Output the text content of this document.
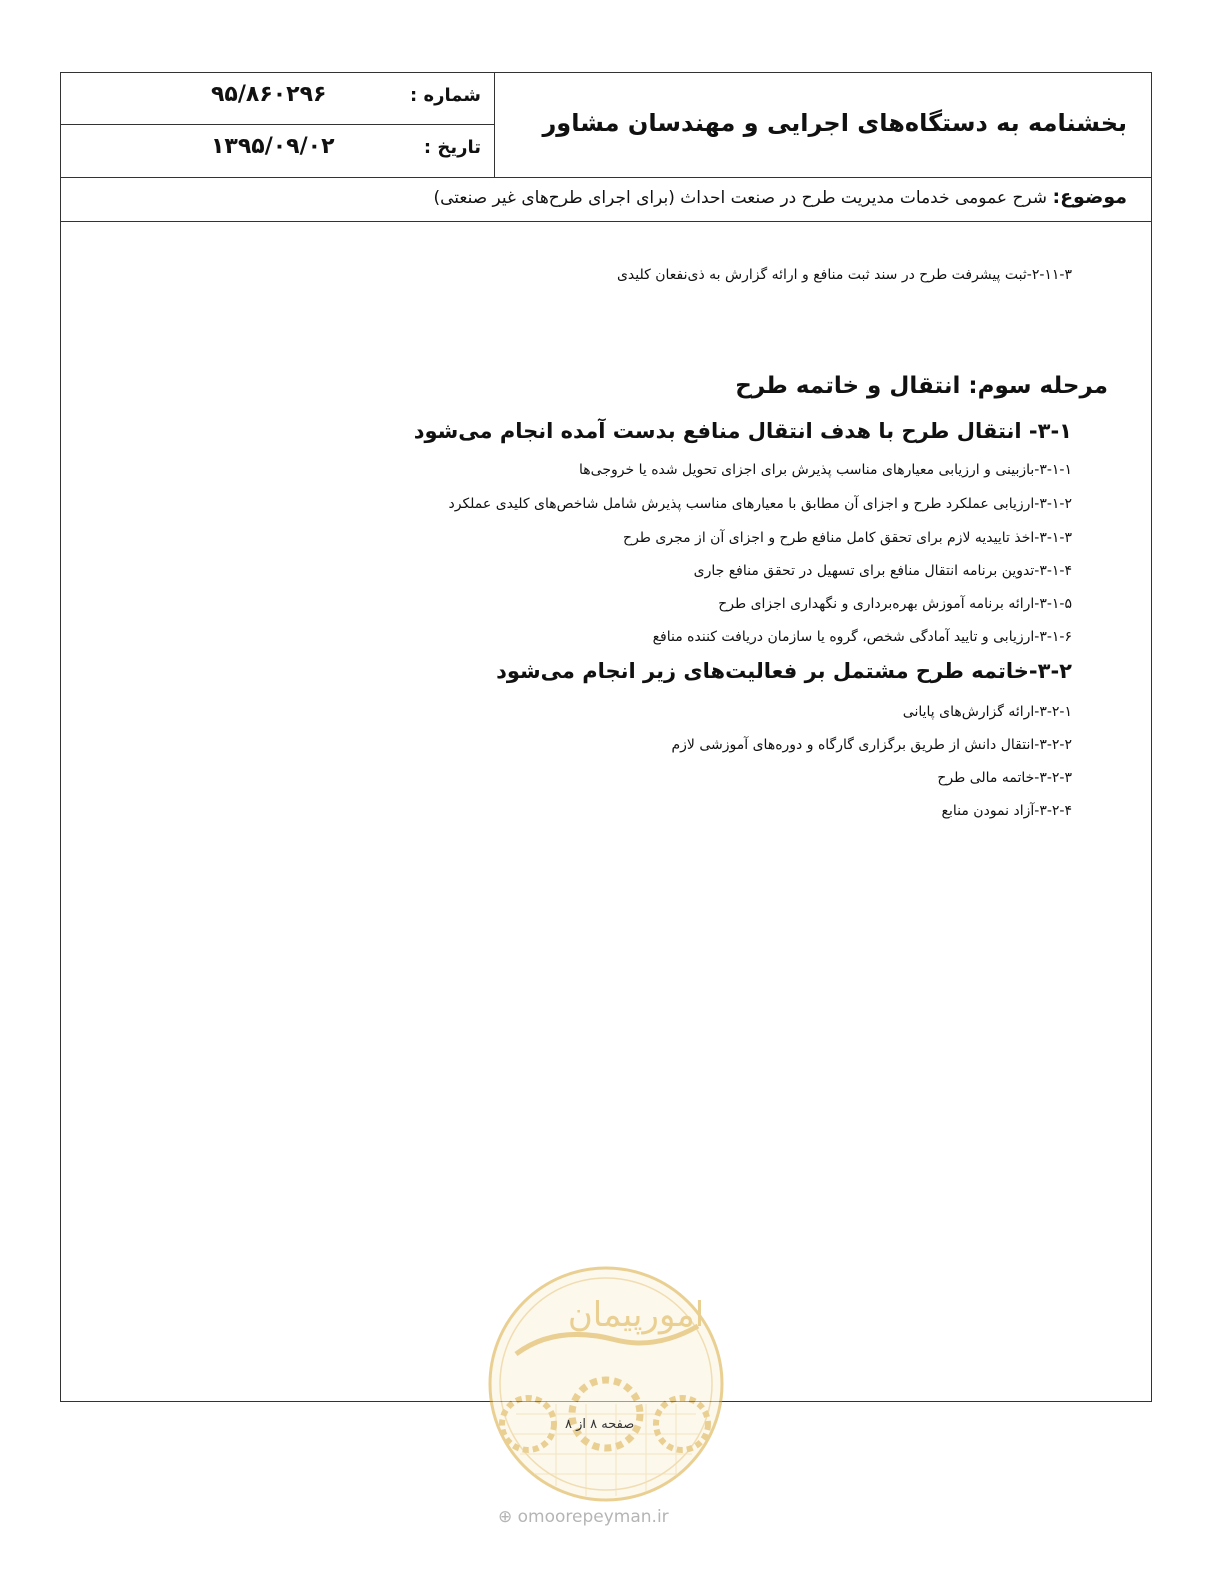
بخشنامه به دستگاه‌های اجرایی و مهندسان مشاور
شماره :
۹۵/۸۶۰۲۹۶
تاریخ :
۱۳۹۵/۰۹/۰۲
موضوع: شرح عمومی خدمات مدیریت طرح در صنعت احداث (برای اجرای طرح‌های غیر صنعتی)
۲-۱۱-۳-ثبت پیشرفت طرح در سند ثبت منافع و ارائه گزارش به ذی‌نفعان کلیدی
مرحله سوم: انتقال و خاتمه طرح
۳-۱- انتقال طرح با هدف انتقال منافع بدست آمده انجام می‌شود
۳-۱-۱-بازبینی و ارزیابی معیارهای مناسب پذیرش برای اجزای تحویل شده یا خروجی‌ها
۳-۱-۲-ارزیابی عملکرد طرح و اجزای آن مطابق با معیارهای مناسب پذیرش شامل شاخص‌های کلیدی عملکرد
۳-۱-۳-اخذ تاییدیه لازم برای تحقق کامل منافع طرح و اجزای آن از مجری طرح
۳-۱-۴-تدوین برنامه انتقال منافع برای تسهیل در تحقق منافع جاری
۳-۱-۵-ارائه برنامه آموزش بهره‌برداری و نگهداری اجزای طرح
۳-۱-۶-ارزیابی و تایید آمادگی شخص، گروه یا سازمان دریافت کننده منافع
۳-۲-خاتمه طرح مشتمل بر فعالیت‌های زیر انجام می‌شود
۳-۲-۱-ارائه گزارش‌های پایانی
۳-۲-۲-انتقال دانش از طریق برگزاری گارگاه و دوره‌های آموزشی لازم
۳-۲-۳-خاتمه مالی طرح
۳-۲-۴-آزاد نمودن منابع
امورپیمان
صفحه ۸ از ۸
⊕ omoorepeyman.ir
